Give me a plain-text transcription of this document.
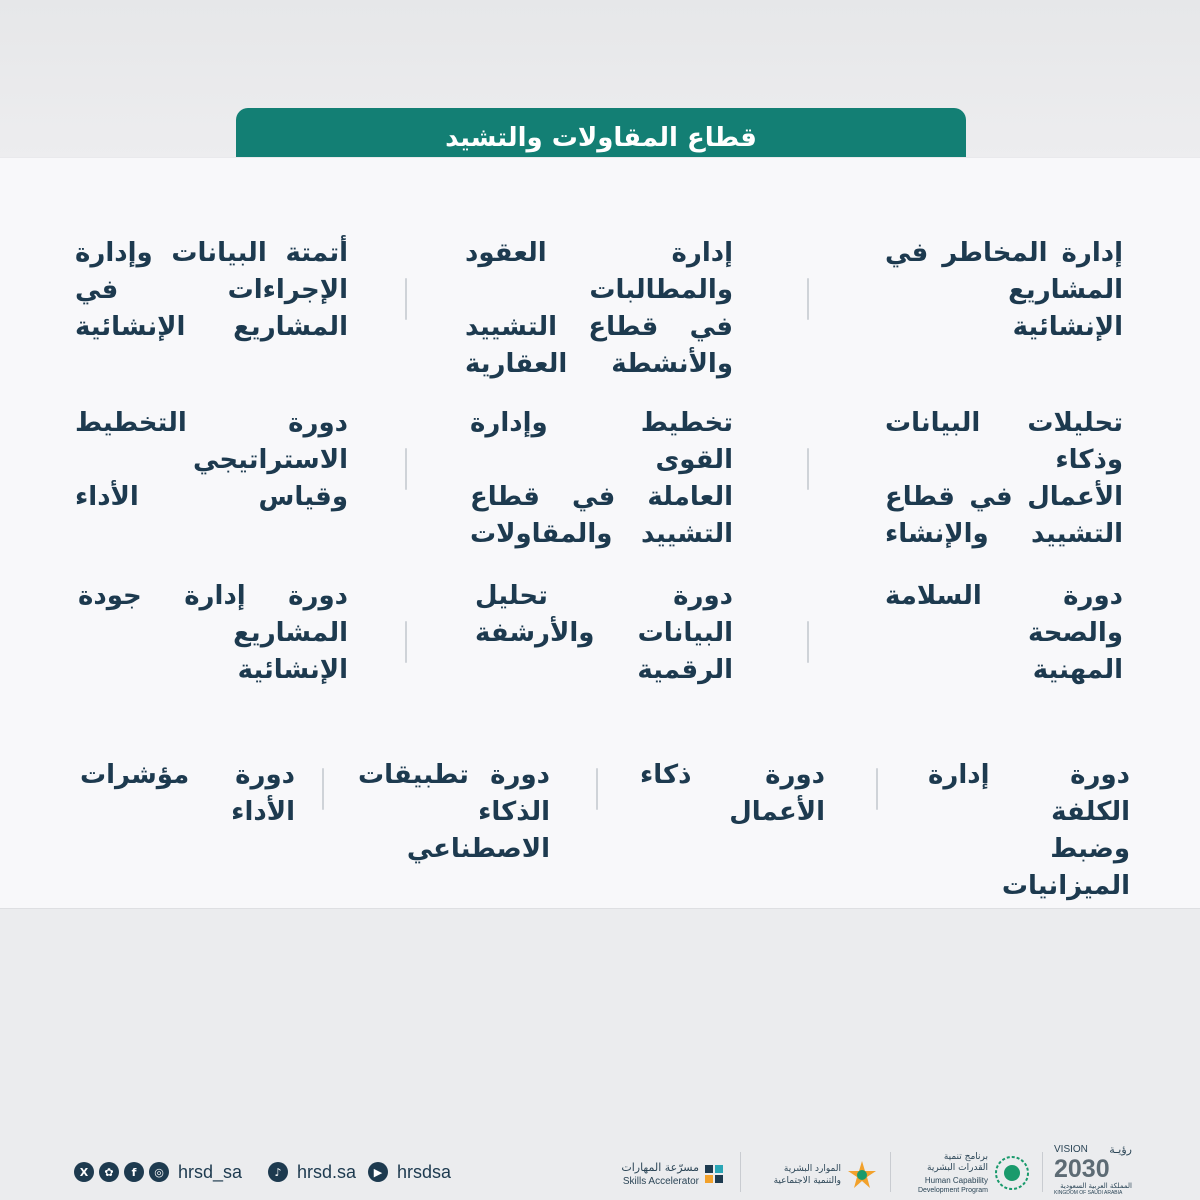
قطاع المقاولات والتشيد
إدارة المخاطر في
المشاريع
الإنشائية
إدارة العقود والمطالبات
في قطاع التشييد
والأنشطة العقارية
أتمتة البيانات وإدارة
الإجراءات في
المشاريع الإنشائية
تحليلات البيانات وذكاء
الأعمال في قطاع
التشييد والإنشاء
تخطيط وإدارة القوى
العاملة في قطاع
التشييد والمقاولات
دورة التخطيط
الاستراتيجي
وقياس الأداء
دورة السلامة
والصحة
المهنية
دورة تحليل
البيانات والأرشفة
الرقمية
دورة إدارة جودة
المشاريع
الإنشائية
دورة إدارة الكلفة
وضبط الميزانيات
دورة ذكاء
الأعمال
دورة تطبيقات
الذكاء الاصطناعي
دورة مؤشرات الأداء
X	✿	f	◎ hrsd_sa	♪ hrsd.sa	▶ hrsdsa	مسرّعة المهارات
Skills Accelerator
الموارد البشرية
والتنمية الاجتماعية
برنامج تنمية
القدرات البشرية
Human Capability
Development Program
رؤيـة
VISION
2030
المملكة العربية السعودية
KINGDOM OF SAUDI ARABIA
